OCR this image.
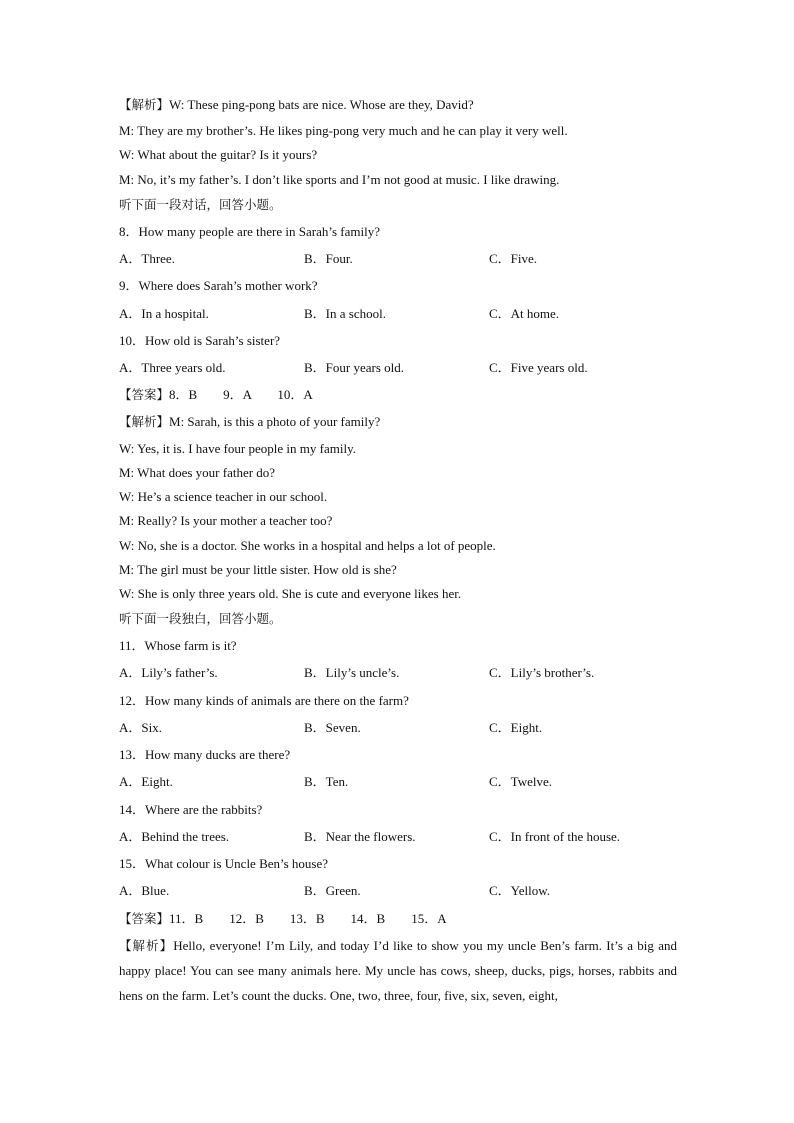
【解析】W: These ping-pong bats are nice. Whose are they, David?
M: They are my brother’s. He likes ping-pong very much and he can play it very well.
W: What about the guitar? Is it yours?
M: No, it’s my father’s. I don’t like sports and I’m not good at music. I like drawing.
听下面一段对话，回答小题。
8．How many people are there in Sarah’s family?
A．Three.	B．Four.	C．Five.
9．Where does Sarah’s mother work?
A．In a hospital.	B．In a school.	C．At home.
10．How old is Sarah’s sister?
A．Three years old.	B．Four years old.	C．Five years old.
【答案】8．B        9．A        10．A
【解析】M: Sarah, is this a photo of your family?
W: Yes, it is. I have four people in my family.
M: What does your father do?
W: He’s a science teacher in our school.
M: Really? Is your mother a teacher too?
W: No, she is a doctor. She works in a hospital and helps a lot of people.
M: The girl must be your little sister. How old is she?
W: She is only three years old. She is cute and everyone likes her.
听下面一段独白，回答小题。
11．Whose farm is it?
A．Lily’s father’s.	B．Lily’s uncle’s.	C．Lily’s brother’s.
12．How many kinds of animals are there on the farm?
A．Six.	B．Seven.	C．Eight.
13．How many ducks are there?
A．Eight.	B．Ten.	C．Twelve.
14．Where are the rabbits?
A．Behind the trees.	B．Near the flowers.	C．In front of the house.
15．What colour is Uncle Ben’s house?
A．Blue.	B．Green.	C．Yellow.
【答案】11．B        12．B        13．B        14．B        15．A
【解析】Hello, everyone! I’m Lily, and today I’d like to show you my uncle Ben’s farm. It’s a big and happy place! You can see many animals here. My uncle has cows, sheep, ducks, pigs, horses, rabbits and hens on the farm. Let’s count the ducks. One, two, three, four, five, six, seven, eight,
